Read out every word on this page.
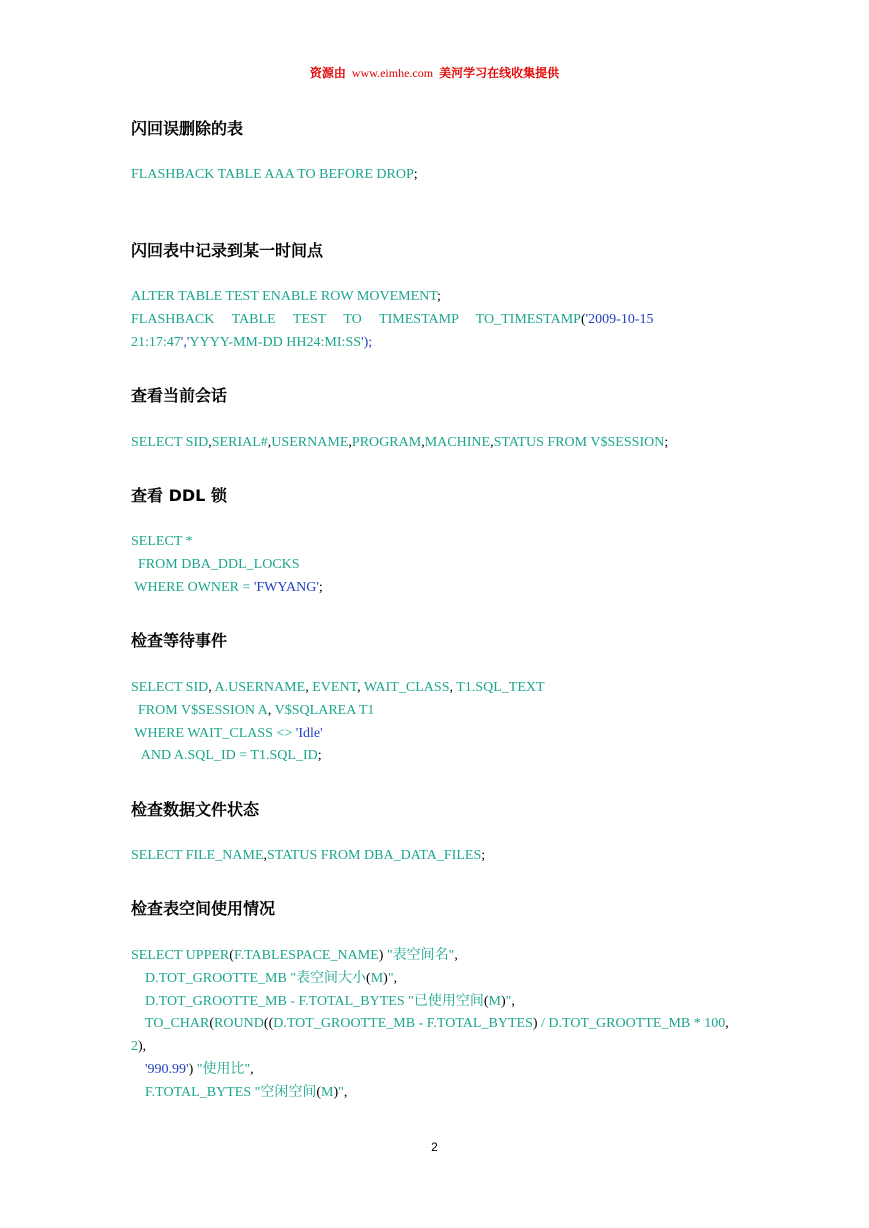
资源由 www.eimhe.com 美河学习在线收集提供
闪回误删除的表
FLASHBACK TABLE AAA TO BEFORE DROP;
闪回表中记录到某一时间点
ALTER TABLE TEST ENABLE ROW MOVEMENT;
FLASHBACK TABLE TEST TO TIMESTAMP TO_TIMESTAMP('2009-10-15
21:17:47','YYYY-MM-DD HH24:MI:SS');
查看当前会话
SELECT SID,SERIAL#,USERNAME,PROGRAM,MACHINE,STATUS FROM V$SESSION;
查看 DDL 锁
SELECT *
FROM DBA_DDL_LOCKS
WHERE OWNER = 'FWYANG';
检查等待事件
SELECT SID, A.USERNAME, EVENT, WAIT_CLASS, T1.SQL_TEXT
FROM V$SESSION A, V$SQLAREA T1
WHERE WAIT_CLASS <> 'Idle'
AND A.SQL_ID = T1.SQL_ID;
检查数据文件状态
SELECT FILE_NAME,STATUS FROM DBA_DATA_FILES;
检查表空间使用情况
SELECT UPPER(F.TABLESPACE_NAME) "表空间名",
D.TOT_GROOTTE_MB "表空间大小(M)",
D.TOT_GROOTTE_MB - F.TOTAL_BYTES "已使用空间(M)",
TO_CHAR(ROUND((D.TOT_GROOTTE_MB - F.TOTAL_BYTES) / D.TOT_GROOTTE_MB * 100,
2),
'990.99') "使用比",
F.TOTAL_BYTES "空闲空间(M)",
2
